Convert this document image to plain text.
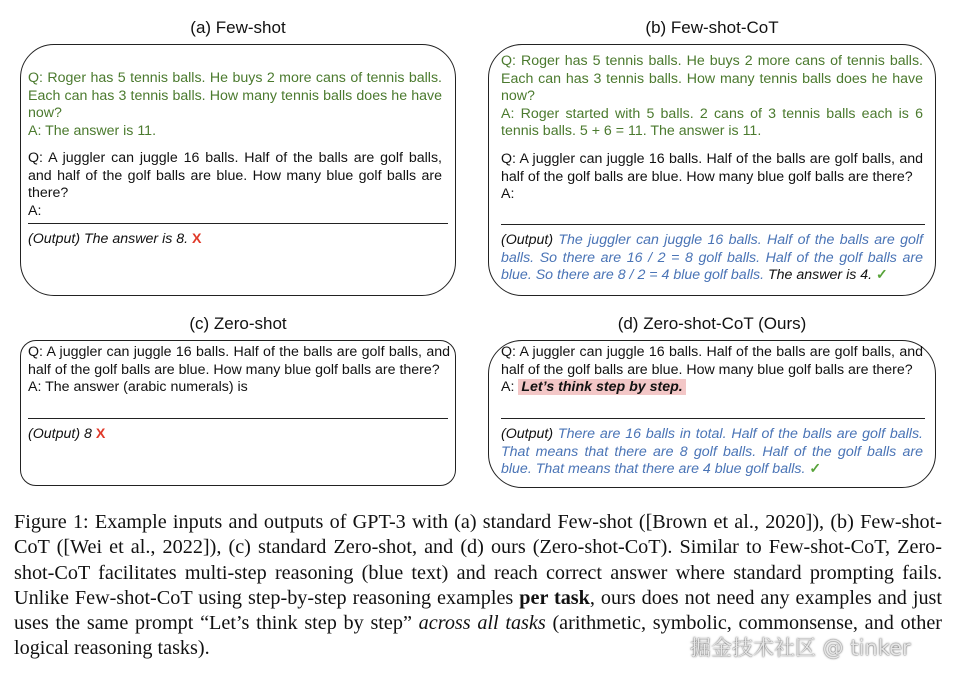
(a) Few-shot
Q: Roger has 5 tennis balls. He buys 2 more cans of tennis balls. Each can has 3 tennis balls. How many tennis balls does he have now?
A: The answer is 11.
Q: A juggler can juggle 16 balls. Half of the balls are golf balls, and half of the golf balls are blue. How many blue golf balls are there?
A:
(Output) The answer is 8. X
(b) Few-shot-CoT
Q: Roger has 5 tennis balls. He buys 2 more cans of tennis balls. Each can has 3 tennis balls. How many tennis balls does he have now?
A: Roger started with 5 balls. 2 cans of 3 tennis balls each is 6 tennis balls. 5 + 6 = 11. The answer is 11.
Q: A juggler can juggle 16 balls. Half of the balls are golf balls, and half of the golf balls are blue. How many blue golf balls are there?
A:
(Output) The juggler can juggle 16 balls. Half of the balls are golf balls. So there are 16 / 2 = 8 golf balls. Half of the golf balls are blue. So there are 8 / 2 = 4 blue golf balls. The answer is 4. ✓
(c) Zero-shot
Q: A juggler can juggle 16 balls. Half of the balls are golf balls, and half of the golf balls are blue. How many blue golf balls are there?
A: The answer (arabic numerals) is
(Output) 8 X
(d) Zero-shot-CoT (Ours)
Q: A juggler can juggle 16 balls. Half of the balls are golf balls, and half of the golf balls are blue. How many blue golf balls are there?
A: Let’s think step by step.
(Output) There are 16 balls in total. Half of the balls are golf balls. That means that there are 8 golf balls. Half of the golf balls are blue. That means that there are 4 blue golf balls. ✓
Figure 1: Example inputs and outputs of GPT-3 with (a) standard Few-shot ([Brown et al., 2020]), (b) Few-shot-CoT ([Wei et al., 2022]), (c) standard Zero-shot, and (d) ours (Zero-shot-CoT). Similar to Few-shot-CoT, Zero-shot-CoT facilitates multi-step reasoning (blue text) and reach correct answer where standard prompting fails. Unlike Few-shot-CoT using step-by-step reasoning examples per task, ours does not need any examples and just uses the same prompt “Let’s think step by step” across all tasks (arithmetic, symbolic, commonsense, and other logical reasoning tasks).	掘金技术社区 @ tinker
